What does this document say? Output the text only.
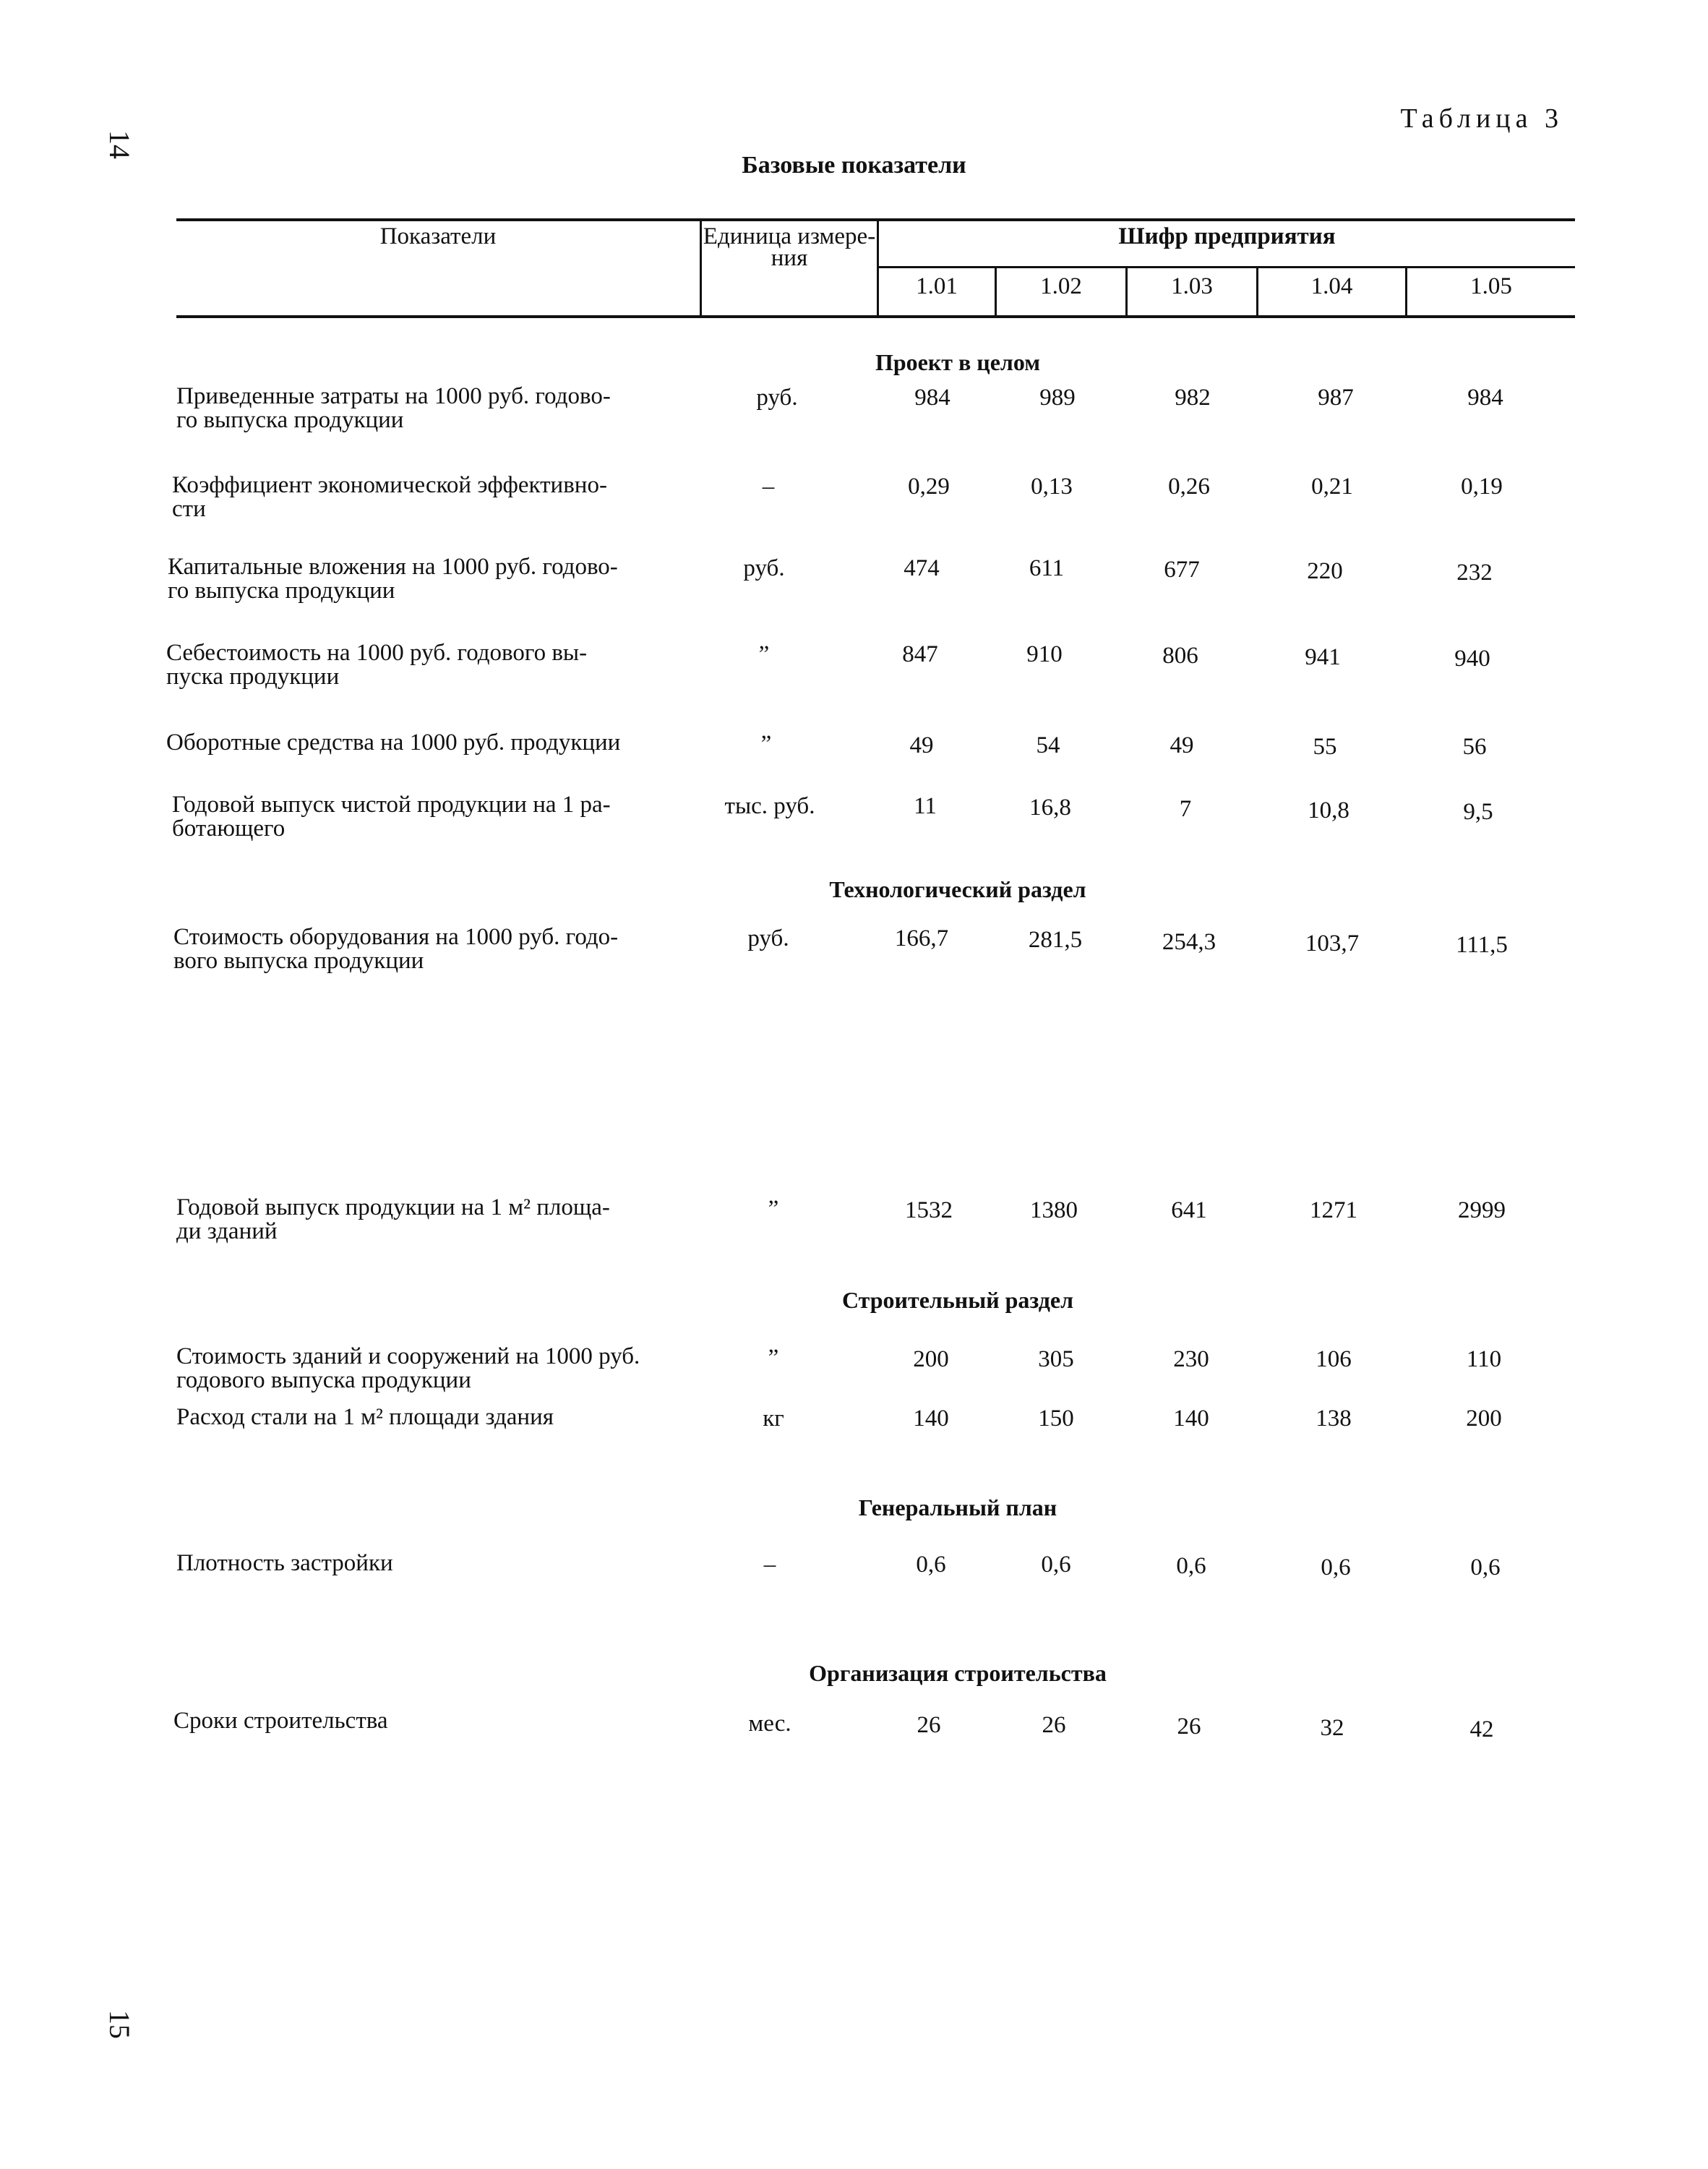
14
15
Таблица 3
Базовые показатели
Показатели	Единица измере-
ния
Шифр предприятия
1.01	1.02	1.03	1.04	1.05
Проект в целом
Технологический раздел
Строительный раздел
Генеральный план
Организация строительства
Приведенные затраты на 1000 руб. годово-
го выпуска продукции
руб.	984	989	982	987	984
Коэффициент экономической эффективно-
сти
–	0,29	0,13	0,26	0,21	0,19
Капитальные вложения на 1000 руб. годово-
го выпуска продукции
руб.	474	611	677	220	232
Себестоимость на 1000 руб. годового вы-
пуска продукции
”	847	910	806	941	940
Оборотные средства на 1000 руб. продукции	”	49	54	49	55	56
Годовой выпуск чистой продукции на 1 ра-
ботающего
тыс. руб.	11	16,8	7	10,8	9,5
Стоимость оборудования на 1000 руб. годо-
вого выпуска продукции
руб.	166,7	281,5	254,3	103,7	111,5
Годовой выпуск продукции на 1 м² площа-
ди зданий
”	1532	1380	641	1271	2999
Стоимость зданий и сооружений на 1000 руб.
годового выпуска продукции
”	200	305	230	106	110
Расход стали на 1 м² площади здания	кг	140	150	140	138	200
Плотность застройки	–	0,6	0,6	0,6	0,6	0,6
Сроки строительства	мес.	26	26	26	32	42
